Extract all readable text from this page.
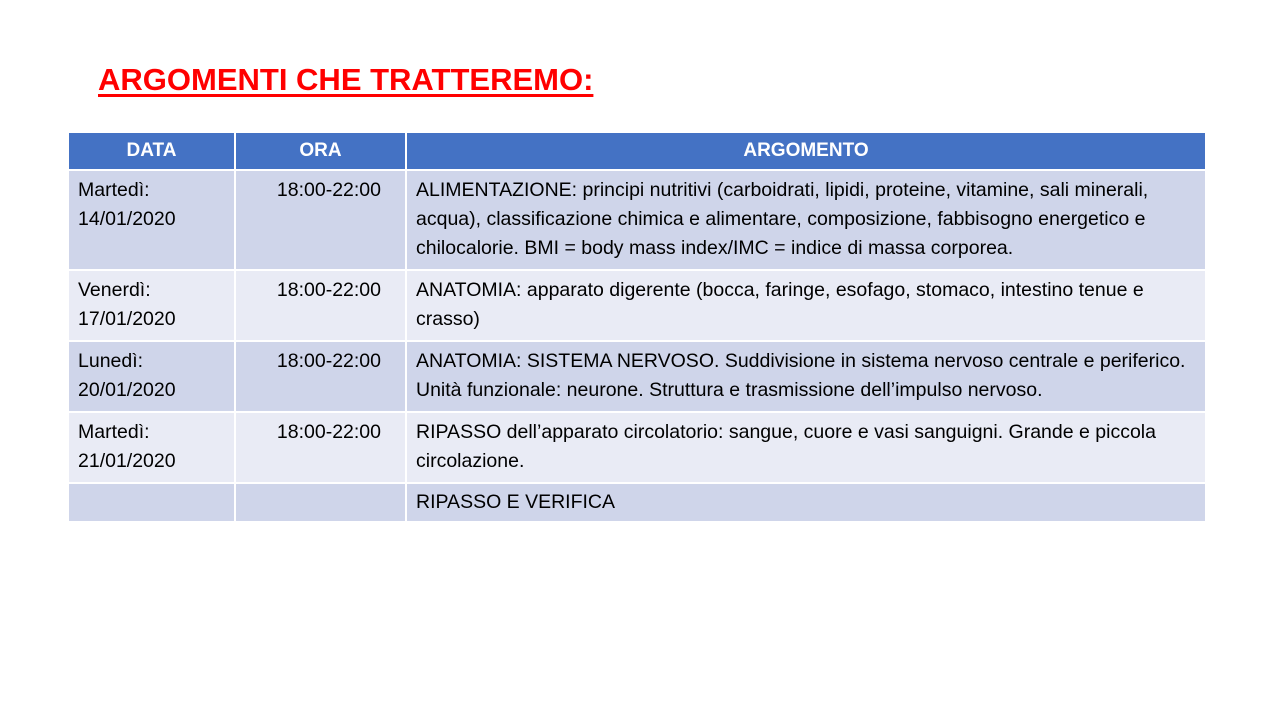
ARGOMENTI CHE TRATTEREMO:
DATA	ORA	ARGOMENTO

Martedì:
14/01/2020	18:00-22:00	ALIMENTAZIONE: principi nutritivi (carboidrati, lipidi, proteine, vitamine, sali minerali, acqua), classificazione chimica e alimentare, composizione, fabbisogno energetico e chilocalorie. BMI = body mass index/IMC = indice di massa corporea.

Venerdì:
17/01/2020	18:00-22:00	ANATOMIA: apparato digerente (bocca, faringe, esofago, stomaco, intestino tenue e crasso)

Lunedì:
20/01/2020	18:00-22:00	ANATOMIA: SISTEMA NERVOSO. Suddivisione in sistema nervoso centrale e periferico. Unità funzionale: neurone. Struttura e trasmissione dell’impulso nervoso.

Martedì:
21/01/2020	18:00-22:00	RIPASSO dell’apparato circolatorio: sangue, cuore e vasi sanguigni. Grande e piccola circolazione.

		RIPASSO E VERIFICA
